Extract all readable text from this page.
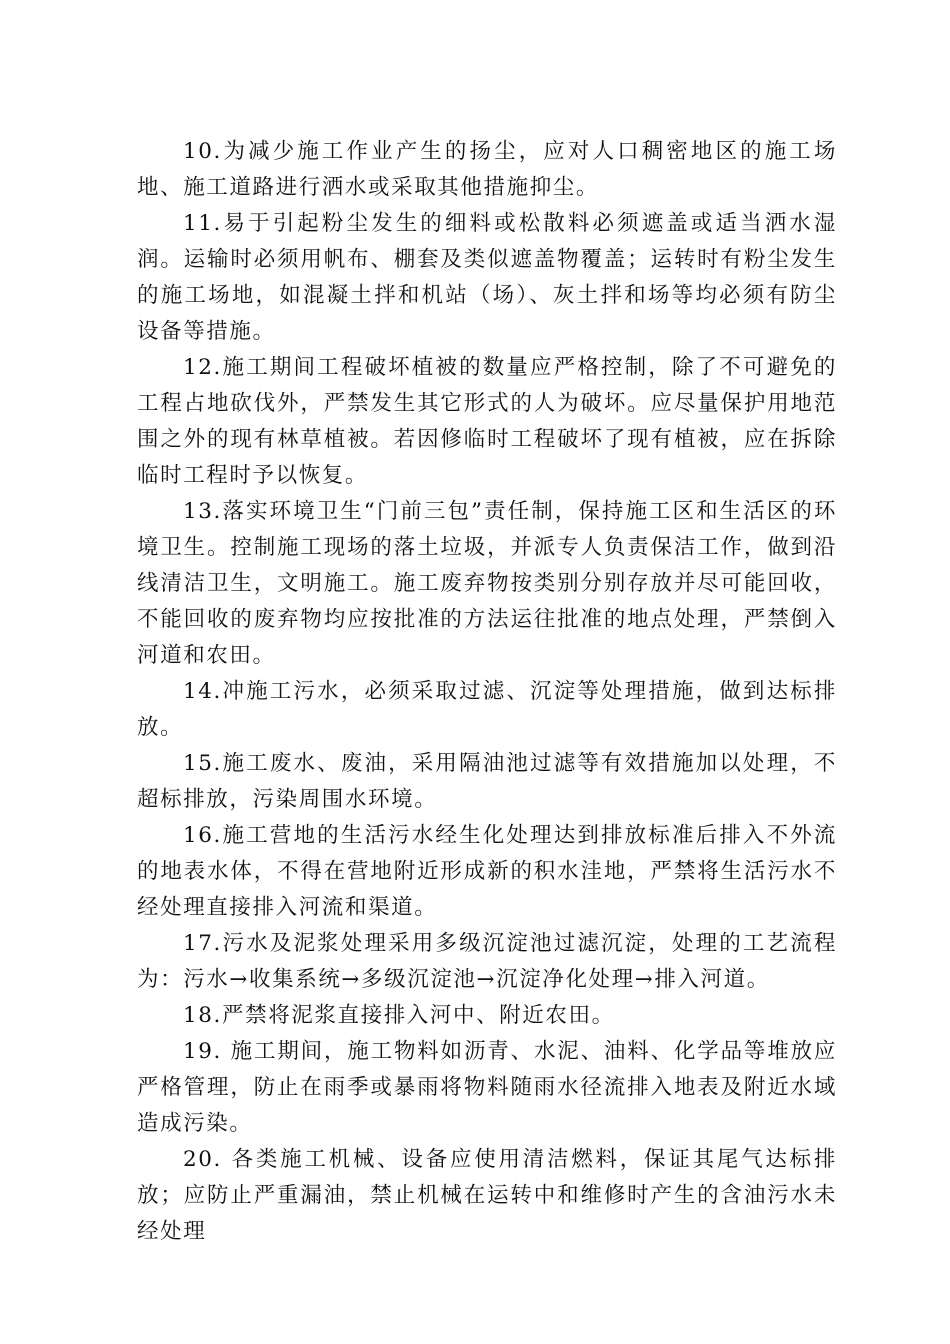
10.为减少施工作业产生的扬尘，应对人口稠密地区的施工场地、施工道路进行洒水或采取其他措施抑尘。

11.易于引起粉尘发生的细料或松散料必须遮盖或适当洒水湿润。运输时必须用帆布、棚套及类似遮盖物覆盖；运转时有粉尘发生的施工场地，如混凝土拌和机站（场）、灰土拌和场等均必须有防尘设备等措施。

12.施工期间工程破坏植被的数量应严格控制，除了不可避免的工程占地砍伐外，严禁发生其它形式的人为破坏。应尽量保护用地范围之外的现有林草植被。若因修临时工程破坏了现有植被，应在拆除临时工程时予以恢复。

13.落实环境卫生“门前三包”责任制，保持施工区和生活区的环境卫生。控制施工现场的落土垃圾，并派专人负责保洁工作，做到沿线清洁卫生，文明施工。施工废弃物按类别分别存放并尽可能回收，不能回收的废弃物均应按批准的方法运往批准的地点处理，严禁倒入河道和农田。

14.冲施工污水，必须采取过滤、沉淀等处理措施，做到达标排放。

15.施工废水、废油，采用隔油池过滤等有效措施加以处理，不超标排放，污染周围水环境。

16.施工营地的生活污水经生化处理达到排放标准后排入不外流的地表水体，不得在营地附近形成新的积水洼地，严禁将生活污水不经处理直接排入河流和渠道。

17.污水及泥浆处理采用多级沉淀池过滤沉淀，处理的工艺流程为：污水→收集系统→多级沉淀池→沉淀净化处理→排入河道。

18.严禁将泥浆直接排入河中、附近农田。

19. 施工期间，施工物料如沥青、水泥、油料、化学品等堆放应严格管理，防止在雨季或暴雨将物料随雨水径流排入地表及附近水域造成污染。

20. 各类施工机械、设备应使用清洁燃料，保证其尾气达标排放；应防止严重漏油，禁止机械在运转中和维修时产生的含油污水未经处理
